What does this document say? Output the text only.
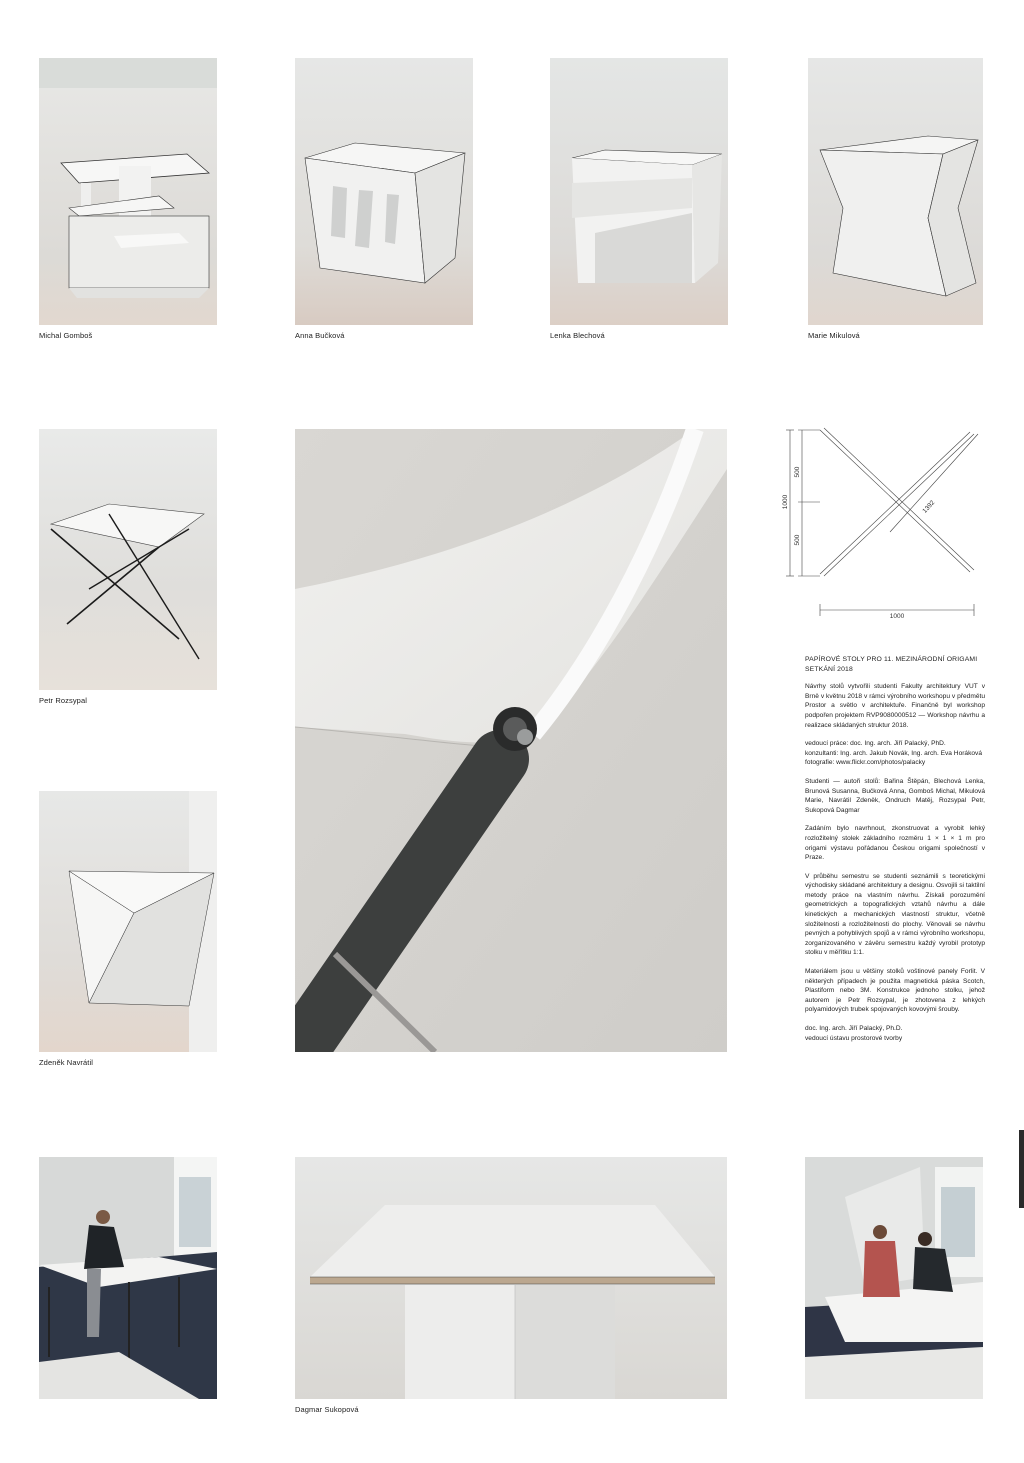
Michal Gomboš	Anna Bučková	Lenka Blechová	Marie Mikulová
Petr Rozsypal
500
500
1000	1392
1000
PAPÍROVÉ STOLY PRO 11. MEZINÁRODNÍ ORIGAMI SETKÁNÍ 2018

Návrhy stolů vytvořili studenti Fakulty architektury VUT v Brně v květnu 2018 v rámci výrobního workshopu v předmětu Prostor a světlo v architektuře. Finančně byl workshop podpořen projektem RVP9080000512 — Workshop návrhu a realizace skládaných struktur 2018.

vedoucí práce: doc. Ing. arch. Jiří Palacký, PhD.
konzultanti: Ing. arch. Jakub Novák, Ing. arch. Eva Horáková
fotografie: www.flickr.com/photos/palacky

Studenti — autoři stolů: Bařina Štěpán, Blechová Lenka, Brunová Susanna, Bučková Anna, Gomboš Michal, Mikulová Marie, Navrátil Zdeněk, Ondruch Matěj, Rozsypal Petr, Sukopová Dagmar

Zadáním bylo navrhnout, zkonstruovat a vyrobit lehký rozložitelný stolek základního rozměru 1 × 1 × 1 m pro origami výstavu pořádanou Českou origami společností v Praze.

V průběhu semestru se studenti seznámili s teoretickými východisky skládané architektury a designu. Osvojili si taktilní metody práce na vlastním návrhu. Získali porozumění geometrických a topografických vztahů návrhu a dále kinetických a mechanických vlastností struktur, včetně složitelnosti a rozložitelnosti do plochy. Věnovali se návrhu pevných a pohyblivých spojů a v rámci výrobního workshopu, zorganizovaného v závěru semestru každý vyrobil prototyp stolku v měřítku 1:1.

Materiálem jsou u většiny stolků voštinové panely Forlit. V některých případech je použita magnetická páska Scotch, Plastiform nebo 3M. Konstrukce jednoho stolku, jehož autorem je Petr Rozsypal, je zhotovena z lehkých polyamidových trubek spojovaných kovovými šrouby.

doc. Ing. arch. Jiří Palacký, Ph.D.
vedoucí ústavu prostorové tvorby

Zdeněk Navrátil
Dagmar Sukopová
